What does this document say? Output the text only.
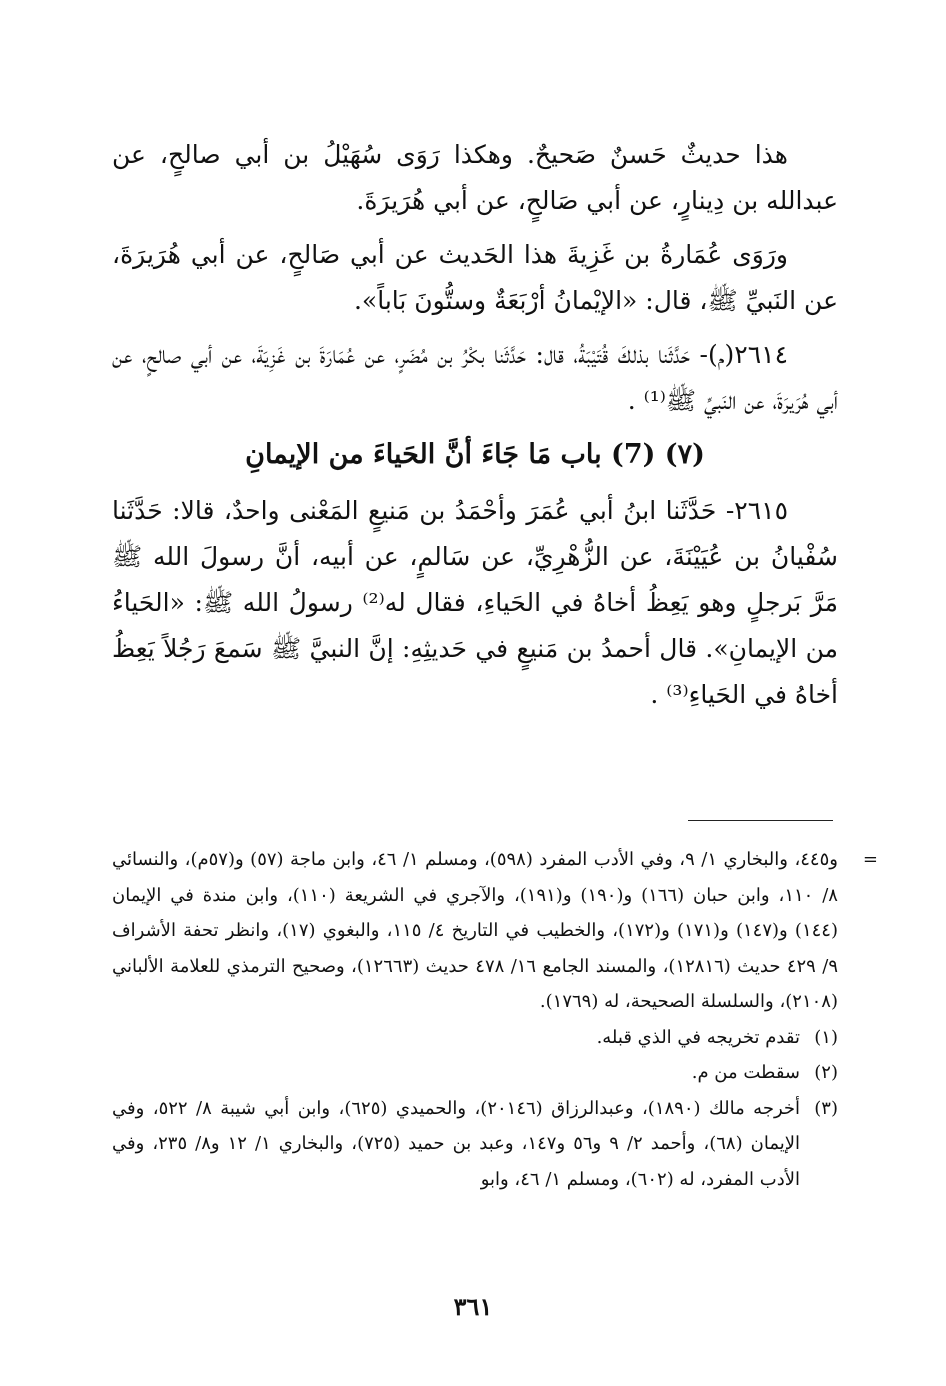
هذا حديثٌ حَسنٌ صَحيحٌ. وهكذا رَوَى سُهَيْلُ بن أبي صالحٍ، عن عبدالله بن دِينارٍ، عن أبي صَالحٍ، عن أبي هُرَيرَةَ.

ورَوَى عُمَارةُ بن غَزِيةَ هذا الحَديث عن أبي صَالحٍ، عن أبي هُرَيرَةَ، عن النَبيِّ ﷺ، قال: «الإيْمانُ أرْبَعَةٌ وستُّونَ بَاباً».

٢٦١٤(م)- حَدَّثَنا بذلكَ قُتَيْبَةُ، قال: حَدَّثَنا بكْرُ بن مُضَرٍ، عن عُمَارَةَ بن غَزِيَةَ، عن أبي صالحٍ، عن أبي هُرَيرَةَ، عن النَبيِّ ﷺ⁽¹⁾ .

(٧) (7) باب مَا جَاءَ أنَّ الحَياءَ من الإيمانِ

٢٦١٥- حَدَّثَنا ابنُ أبي عُمَرَ وأحْمَدُ بن مَنيعٍ المَعْنى واحدٌ، قالا: حَدَّثَنا سُفْيانُ بن عُيَيْنَةَ، عن الزُّهْرِيِّ، عن سَالمٍ، عن أبيه، أنَّ رسولَ الله ﷺ مَرَّ بَرجلٍ وهو يَعِظُ أخاهُ في الحَياءِ، فقال له⁽²⁾ رسولُ الله ﷺ: «الحَياءُ من الإيمانِ». قال أحمدُ بن مَنيعٍ في حَديثِهِ: إنَّ النبيَّ ﷺ سَمعَ رَجُلاً يَعِظُ أخاهُ في الحَياءِ⁽³⁾ .

=
و٤٤٥، والبخاري ١/ ٩، وفي الأدب المفرد (٥٩٨)، ومسلم ١/ ٤٦، وابن ماجة (٥٧) و(٥٧م)، والنسائي ٨/ ١١٠، وابن حبان (١٦٦) و(١٩٠) و(١٩١)، والآجري في الشريعة (١١٠)، وابن مندة في الإيمان (١٤٤) و(١٤٧) و(١٧١) و(١٧٢)، والخطيب في التاريخ ٤/ ١١٥، والبغوي (١٧)، وانظر تحفة الأشراف ٩/ ٤٢٩ حديث (١٢٨١٦)، والمسند الجامع ١٦/ ٤٧٨ حديث (١٢٦٦٣)، وصحيح الترمذي للعلامة الألباني (٢١٠٨)، والسلسلة الصحيحة، له (١٧٦٩).

(١)
تقدم تخريجه في الذي قبله.

(٢)
سقطت من م.

(٣)
أخرجه مالك (١٨٩٠)، وعبدالرزاق (٢٠١٤٦)، والحميدي (٦٢٥)، وابن أبي شيبة ٨/ ٥٢٢، وفي الإيمان (٦٨)، وأحمد ٢/ ٩ و٥٦ و١٤٧، وعبد بن حميد (٧٢٥)، والبخاري ١/ ١٢ و٨/ ٢٣٥، وفي الأدب المفرد، له (٦٠٢)، ومسلم ١/ ٤٦، وابو

٣٦١
